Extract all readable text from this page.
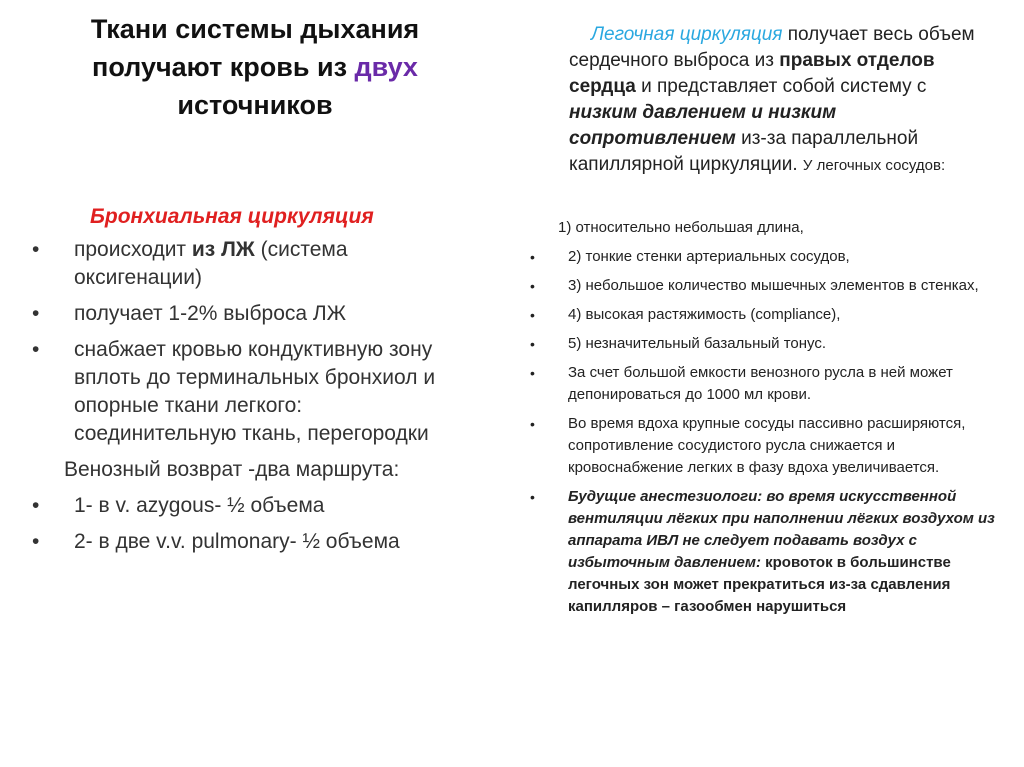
Ткани системы дыхания получают кровь из двух источников
Бронхиальная циркуляция
• происходит из ЛЖ (система оксигенации)
• получает 1-2% выброса ЛЖ
• снабжает кровью кондуктивную зону вплоть до терминальных бронхиол и опорные ткани легкого: соединительную ткань, перегородки
Венозный возврат -два маршрута:
• 1- в v. azygous- ½ объема
• 2- в две v.v. pulmonary- ½ объема
Легочная циркуляция получает весь объем сердечного выброса из правых отделов сердца и представляет собой систему с низким давлением и низким сопротивлением из-за параллельной капиллярной циркуляции. У легочных сосудов:
1) относительно небольшая длина,
• 2) тонкие стенки артериальных сосудов,
• 3) небольшое количество мышечных элементов в стенках,
• 4) высокая растяжимость (compliance),
• 5) незначительный базальный тонус.
• За счет большой емкости венозного русла в ней может депонироваться до 1000 мл крови.
• Во время вдоха крупные сосуды пассивно расширяются, сопротивление сосудистого русла снижается и кровоснабжение легких в фазу вдоха увеличивается.
• Будущие анестезиологи: во время искусственной вентиляции лёгких при наполнении лёгких воздухом из аппарата ИВЛ не следует подавать воздух с избыточным давлением: кровоток в большинстве легочных зон может прекратиться из-за сдавления капилляров – газообмен нарушиться
